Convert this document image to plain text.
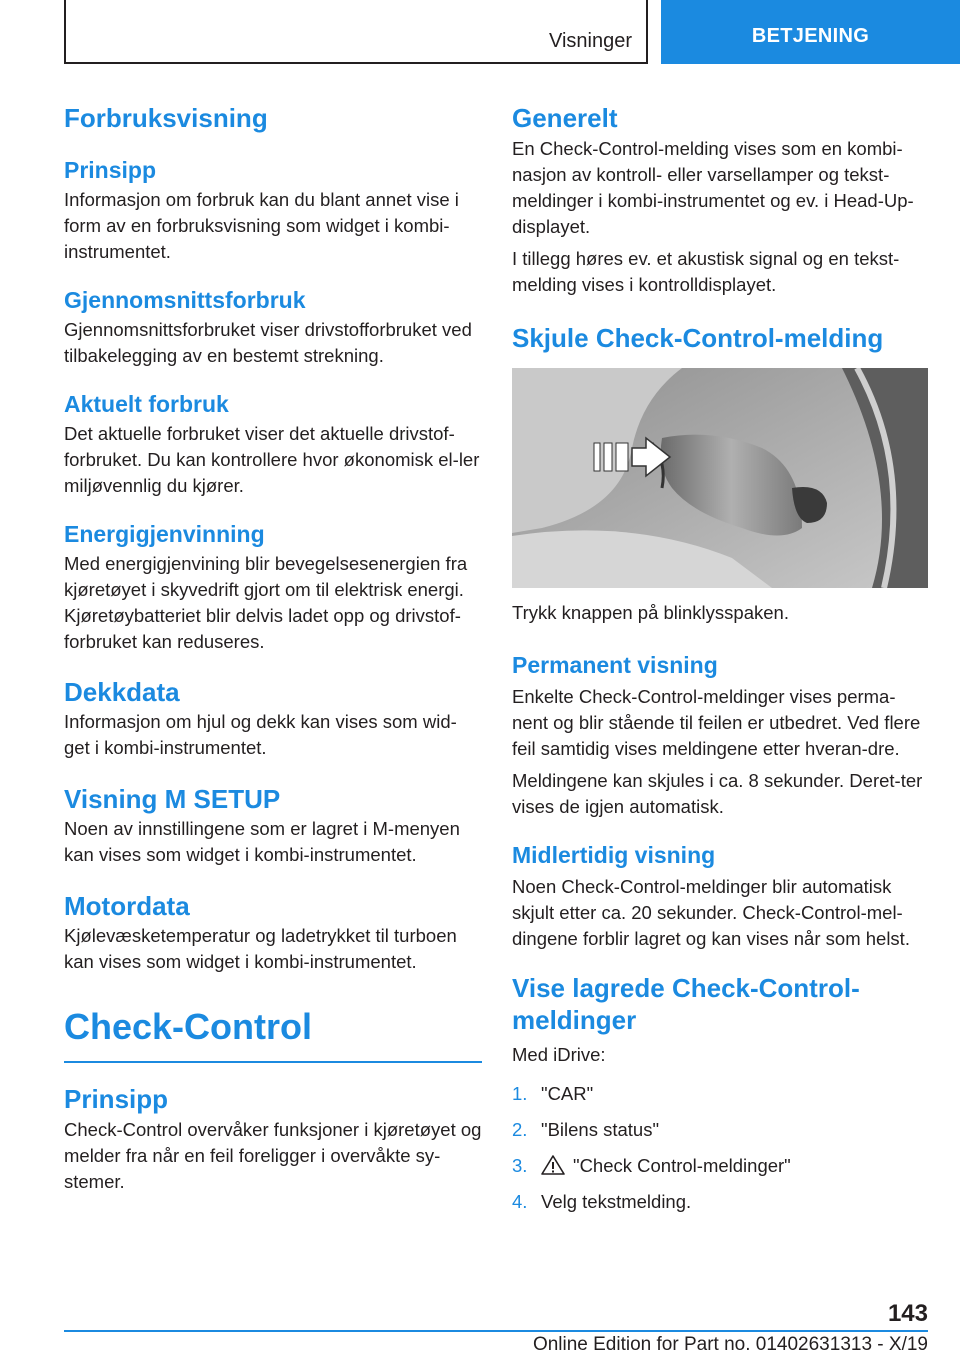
Visninger	BETJENING
Forbruksvisning
Prinsipp

Informasjon om forbruk kan du blant annet vise i form av en forbruksvisning som widget i kombi-instrumentet.

Gjennomsnittsforbruk

Gjennomsnittsforbruket viser drivstofforbruket ved tilbakelegging av en bestemt strekning.

Aktuelt forbruk

Det aktuelle forbruket viser det aktuelle drivstof-forbruket. Du kan kontrollere hvor økonomisk el-ler miljøvennlig du kjører.

Energigjenvinning

Med energigjenvining blir bevegelsesenergien fra kjøretøyet i skyvedrift gjort om til elektrisk energi. Kjøretøybatteriet blir delvis ladet opp og drivstof-forbruket kan reduseres.

Dekkdata

Informasjon om hjul og dekk kan vises som wid-get i kombi-instrumentet.

Visning M SETUP

Noen av innstillingene som er lagret i M-menyen kan vises som widget i kombi-instrumentet.

Motordata

Kjølevæsketemperatur og ladetrykket til turboen kan vises som widget i kombi-instrumentet.

Check-Control
Prinsipp

Check-Control overvåker funksjoner i kjøretøyet og melder fra når en feil foreligger i overvåkte sy-stemer.

Generelt

En Check-Control-melding vises som en kombi-nasjon av kontroll- eller varsellamper og tekst-meldinger i kombi-instrumentet og ev. i Head-Up-displayet.

I tillegg høres ev. et akustisk signal og en tekst-melding vises i kontrolldisplayet.

Skjule Check-Control-melding

Trykk knappen på blinklysspaken.

Permanent visning

Enkelte Check-Control-meldinger vises perma-nent og blir stående til feilen er utbedret. Ved flere feil samtidig vises meldingene etter hveran-dre.

Meldingene kan skjules i ca. 8 sekunder. Deret-ter vises de igjen automatisk.

Midlertidig visning

Noen Check-Control-meldinger blir automatisk skjult etter ca. 20 sekunder. Check-Control-mel-dingene forblir lagret og kan vises når som helst.

Vise lagrede Check-Control-meldinger

Med iDrive:

1. "CAR"
2. "Bilens status"
3.	"Check Control-meldinger"
4. Velg tekstmelding.
143
Online Edition for Part no. 01402631313 - X/19
